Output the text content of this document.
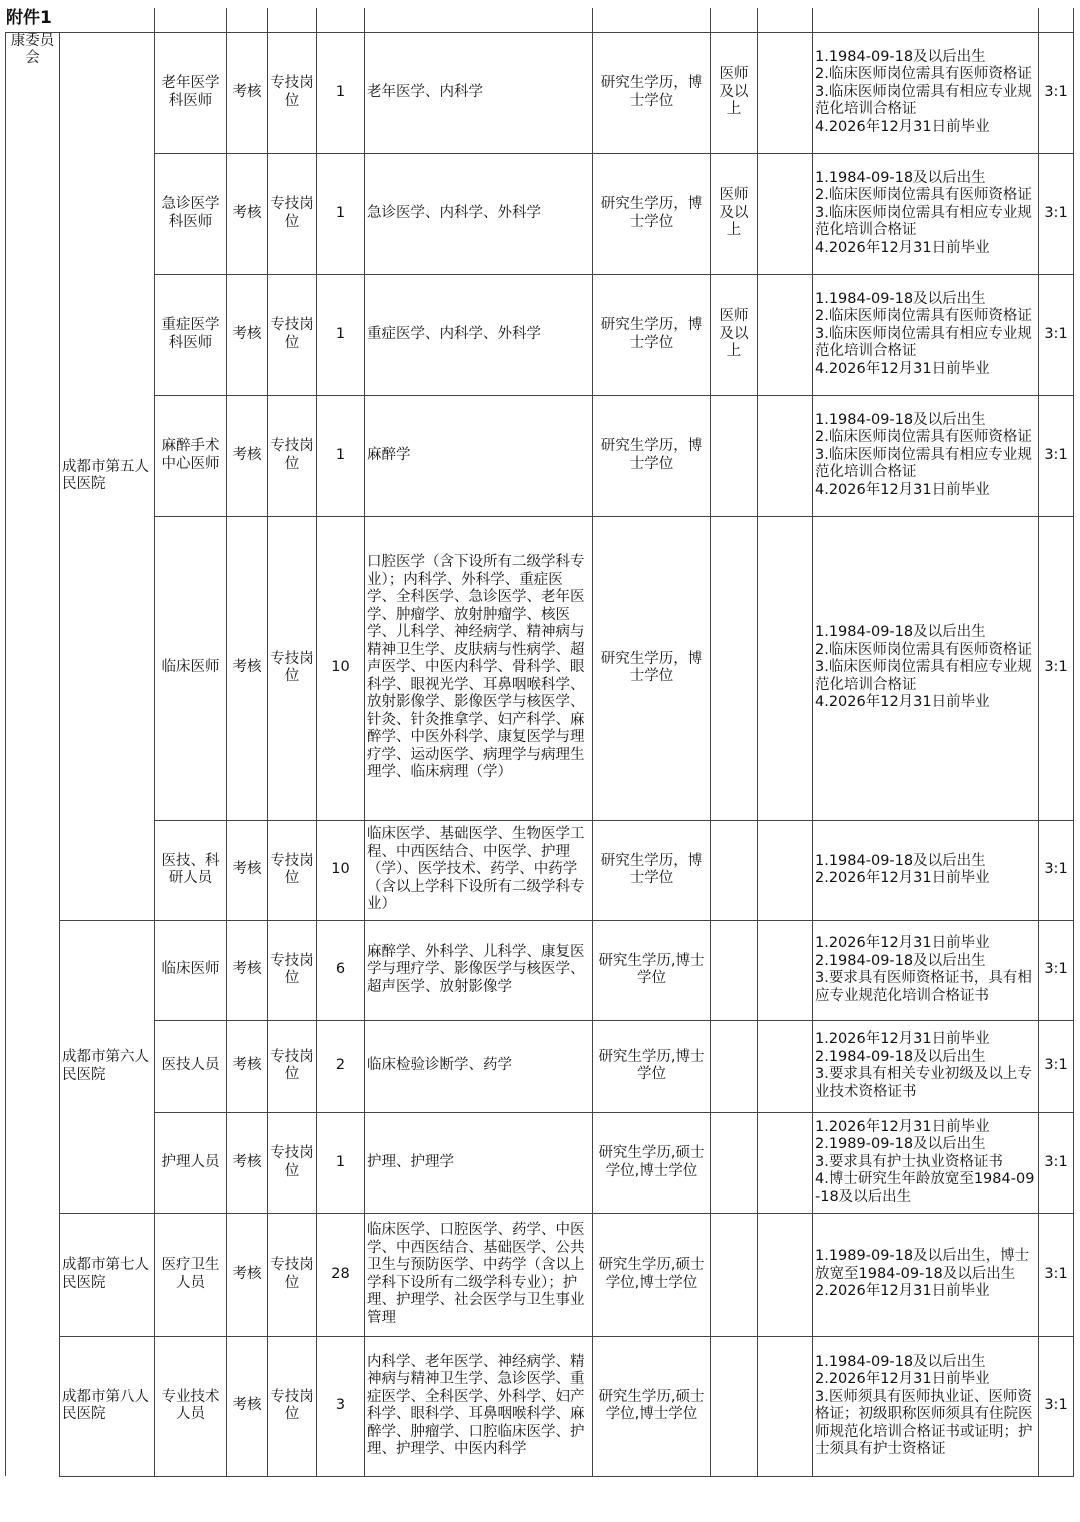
附件1

康委员会	成都市第五人民医院	老年医学科医师	考核	专技岗位	1	老年医学、内科学	研究生学历，博士学位	医师及以上		1.1984-09-18及以后出生
2.临床医师岗位需具有医师资格证
3.临床医师岗位需具有相应专业规范化培训合格证
4.2026年12月31日前毕业	3:1
		急诊医学科医师	考核	专技岗位	1	急诊医学、内科学、外科学	研究生学历，博士学位	医师及以上		1.1984-09-18及以后出生
2.临床医师岗位需具有医师资格证
3.临床医师岗位需具有相应专业规范化培训合格证
4.2026年12月31日前毕业	3:1
		重症医学科医师	考核	专技岗位	1	重症医学、内科学、外科学	研究生学历，博士学位	医师及以上		1.1984-09-18及以后出生
2.临床医师岗位需具有医师资格证
3.临床医师岗位需具有相应专业规范化培训合格证
4.2026年12月31日前毕业	3:1
		麻醉手术中心医师	考核	专技岗位	1	麻醉学	研究生学历，博士学位			1.1984-09-18及以后出生
2.临床医师岗位需具有医师资格证
3.临床医师岗位需具有相应专业规范化培训合格证
4.2026年12月31日前毕业	3:1
		临床医师	考核	专技岗位	10	口腔医学（含下设所有二级学科专业）；内科学、外科学、重症医学、全科医学、急诊医学、老年医学、肿瘤学、放射肿瘤学、核医学、儿科学、神经病学、精神病与精神卫生学、皮肤病与性病学、超声医学、中医内科学、骨科学、眼科学、眼视光学、耳鼻咽喉科学、放射影像学、影像医学与核医学、针灸、针灸推拿学、妇产科学、麻醉学、中医外科学、康复医学与理疗学、运动医学、病理学与病理生理学、临床病理（学）	研究生学历，博士学位			1.1984-09-18及以后出生
2.临床医师岗位需具有医师资格证
3.临床医师岗位需具有相应专业规范化培训合格证
4.2026年12月31日前毕业	3:1
		医技、科研人员	考核	专技岗位	10	临床医学、基础医学、生物医学工程、中西医结合、中医学、护理（学）、医学技术、药学、中药学（含以上学科下设所有二级学科专业）	研究生学历，博士学位			1.1984-09-18及以后出生
2.2026年12月31日前毕业	3:1
	成都市第六人民医院	临床医师	考核	专技岗位	6	麻醉学、外科学、儿科学、康复医学与理疗学、影像医学与核医学、超声医学、放射影像学	研究生学历,博士学位			1.2026年12月31日前毕业
2.1984-09-18及以后出生
3.要求具有医师资格证书，具有相应专业规范化培训合格证书	3:1
		医技人员	考核	专技岗位	2	临床检验诊断学、药学	研究生学历,博士学位			1.2026年12月31日前毕业
2.1984-09-18及以后出生
3.要求具有相关专业初级及以上专业技术资格证书	3:1
		护理人员	考核	专技岗位	1	护理、护理学	研究生学历,硕士学位,博士学位			1.2026年12月31日前毕业
2.1989-09-18及以后出生
3.要求具有护士执业资格证书
4.博士研究生年龄放宽至1984-09-18及以后出生	3:1
	成都市第七人民医院	医疗卫生人员	考核	专技岗位	28	临床医学、口腔医学、药学、中医学、中西医结合、基础医学、公共卫生与预防医学、中药学（含以上学科下设所有二级学科专业）；护理、护理学、社会医学与卫生事业管理	研究生学历,硕士学位,博士学位			1.1989-09-18及以后出生，博士放宽至1984-09-18及以后出生
2.2026年12月31日前毕业	3:1
	成都市第八人民医院	专业技术人员	考核	专技岗位	3	内科学、老年医学、神经病学、精神病与精神卫生学、急诊医学、重症医学、全科医学、外科学、妇产科学、眼科学、耳鼻咽喉科学、麻醉学、肿瘤学、口腔临床医学、护理、护理学、中医内科学	研究生学历,硕士学位,博士学位			1.1984-09-18及以后出生
2.2026年12月31日前毕业
3.医师须具有医师执业证、医师资格证；初级职称医师须具有住院医师规范化培训合格证书或证明；护士须具有护士资格证	3:1
